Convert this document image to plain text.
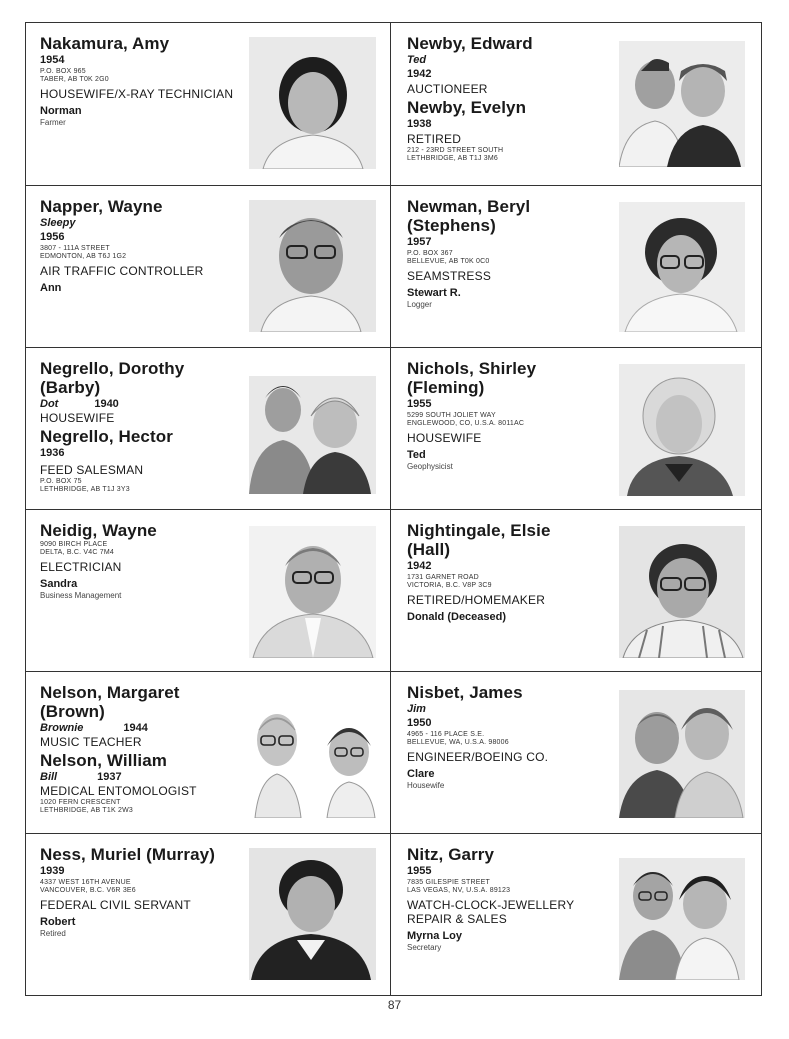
Nakamura, Amy

1954

P.O. BOX 965

TABER, AB T0K 2G0

HOUSEWIFE/X-RAY TECHNICIAN

Norman

Farmer

Newby, Edward

Ted

1942

AUCTIONEER

Newby, Evelyn

1938

RETIRED

212 - 23RD STREET SOUTH

LETHBRIDGE, AB T1J 3M6

Napper, Wayne

Sleepy

1956

3807 - 111A STREET

EDMONTON, AB T6J 1G2

AIR TRAFFIC CONTROLLER

Ann

Newman, Beryl

(Stephens)

1957

P.O. BOX 367

BELLEVUE, AB T0K 0C0

SEAMSTRESS

Stewart R.

Logger

Negrello, Dorothy

(Barby)

Dot	1940

HOUSEWIFE

Negrello, Hector

1936

FEED SALESMAN

P.O. BOX 75

LETHBRIDGE, AB T1J 3Y3

Nichols, Shirley

(Fleming)

1955

5299 SOUTH JOLIET WAY

ENGLEWOOD, CO, U.S.A. 8011AC

HOUSEWIFE

Ted

Geophysicist

Neidig, Wayne

9090 BIRCH PLACE

DELTA, B.C. V4C 7M4

ELECTRICIAN

Sandra

Business Management

Nightingale, Elsie

(Hall)

1942

1731 GARNET ROAD

VICTORIA, B.C. V8P 3C9

RETIRED/HOMEMAKER

Donald (Deceased)

Nelson, Margaret

(Brown)

Brownie	1944

MUSIC TEACHER

Nelson, William

Bill	1937

MEDICAL ENTOMOLOGIST

1020 FERN CRESCENT

LETHBRIDGE, AB T1K 2W3

Nisbet, James

Jim

1950

4965 - 116 PLACE S.E.

BELLEVUE, WA, U.S.A. 98006

ENGINEER/BOEING CO.

Clare

Housewife

Ness, Muriel (Murray)

1939

4337 WEST 16TH AVENUE

VANCOUVER, B.C. V6R 3E6

FEDERAL CIVIL SERVANT

Robert

Retired

Nitz, Garry

1955

7835 GILESPIE STREET

LAS VEGAS, NV, U.S.A. 89123

WATCH-CLOCK-JEWELLERY

REPAIR & SALES

Myrna Loy

Secretary

87
